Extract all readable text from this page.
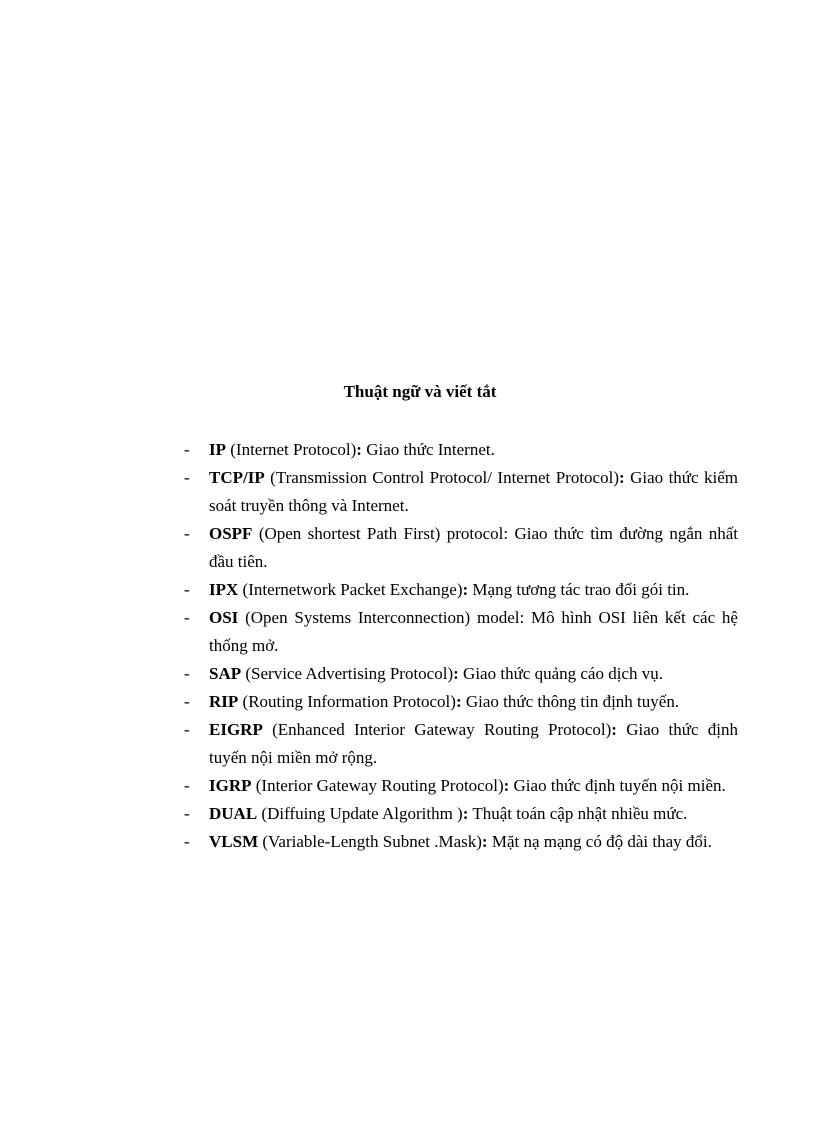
Thuật ngữ và viết tắt
- IP (Internet Protocol): Giao thức Internet.
- TCP/IP (Transmission Control Protocol/ Internet Protocol): Giao thức kiểm soát truyền thông và Internet.
- OSPF (Open shortest Path First) protocol: Giao thức tìm đường ngắn nhất đầu tiên.
- IPX (Internetwork Packet Exchange): Mạng tương tác trao đổi gói tin.
- OSI (Open Systems Interconnection) model: Mô hình OSI liên kết các hệ thống mở.
- SAP (Service Advertising Protocol): Giao thức quảng cáo dịch vụ.
- RIP (Routing Information Protocol): Giao thức thông tin định tuyến.
- EIGRP (Enhanced Interior Gateway Routing Protocol): Giao thức định tuyến nội miền mở rộng.
- IGRP (Interior Gateway Routing Protocol): Giao thức định tuyến nội miền.
- DUAL (Diffuing Update Algorithm ): Thuật toán cập nhật nhiều mức.
- VLSM (Variable-Length Subnet .Mask): Mặt nạ mạng có độ dài thay đổi.
